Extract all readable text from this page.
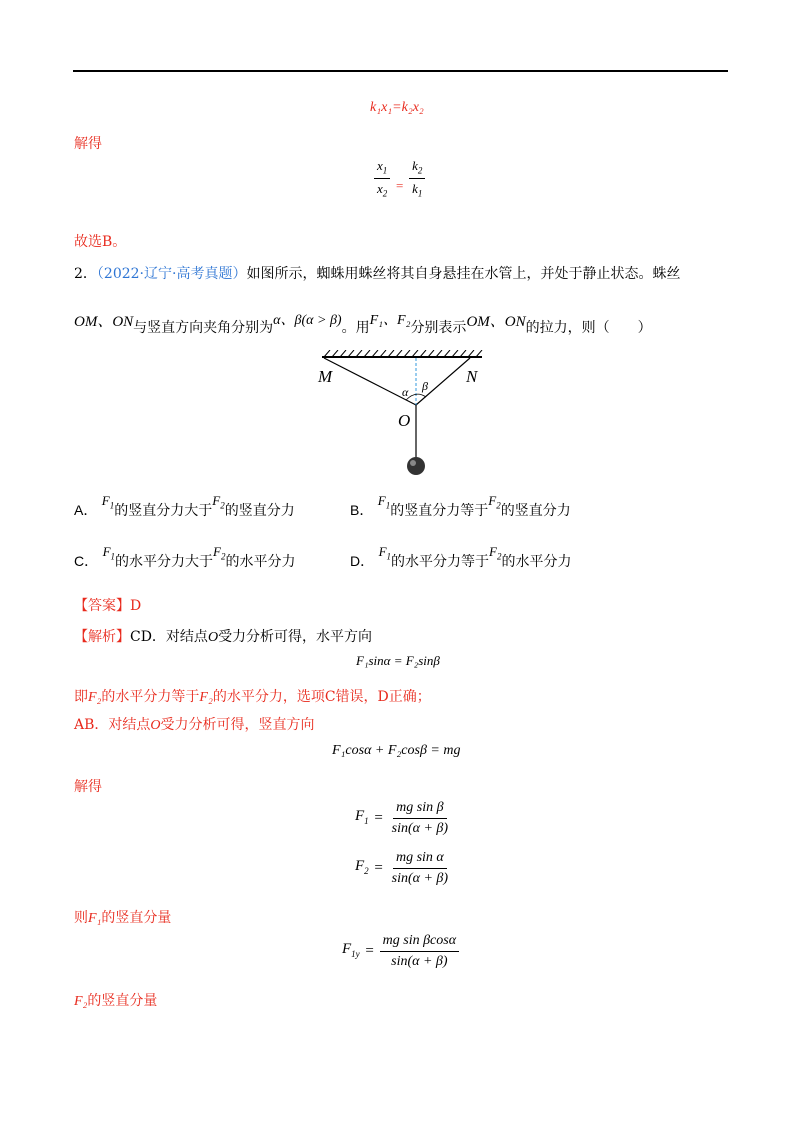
k₁x₁=k₂x₂
解得
$\frac{x_1}{x_2} = \frac{k_2}{k_1}$
故选B。
2．（2022·辽宁·高考真题）如图所示，蜘蛛用蛛丝将其自身悬挂在水管上，并处于静止状态。蛛丝
OM、ON与竖直方向夹角分别为α、β(α > β)。用F₁、F₂分别表示OM、ON的拉力，则（　　）
M	N
O
α β
A． $F_1$的竖直分力大于$F_2$的竖直分力	B． $F_1$的竖直分力等于$F_2$的竖直分力
C． $F_1$的水平分力大于$F_2$的水平分力	D． $F_1$的水平分力等于$F_2$的水平分力
【答案】D
【解析】CD．对结点O受力分析可得，水平方向
F₁sinα = F₂sinβ
即F₂的水平分力等于F₂的水平分力，选项C错误，D正确；
AB．对结点O受力分析可得，竖直方向
F₁cosα + F₂cosβ = mg
解得
$F_1 = \frac{\text{mg sin β}}{\sin(\alpha + \beta)}$
$F_2 = \frac{\text{mg sin α}}{\sin(\alpha + \beta)}$
则F₁的竖直分量
$F_{1y} = \frac{\text{mg sin βcosα}}{\sin(\alpha + \beta)}$
F₂的竖直分量
